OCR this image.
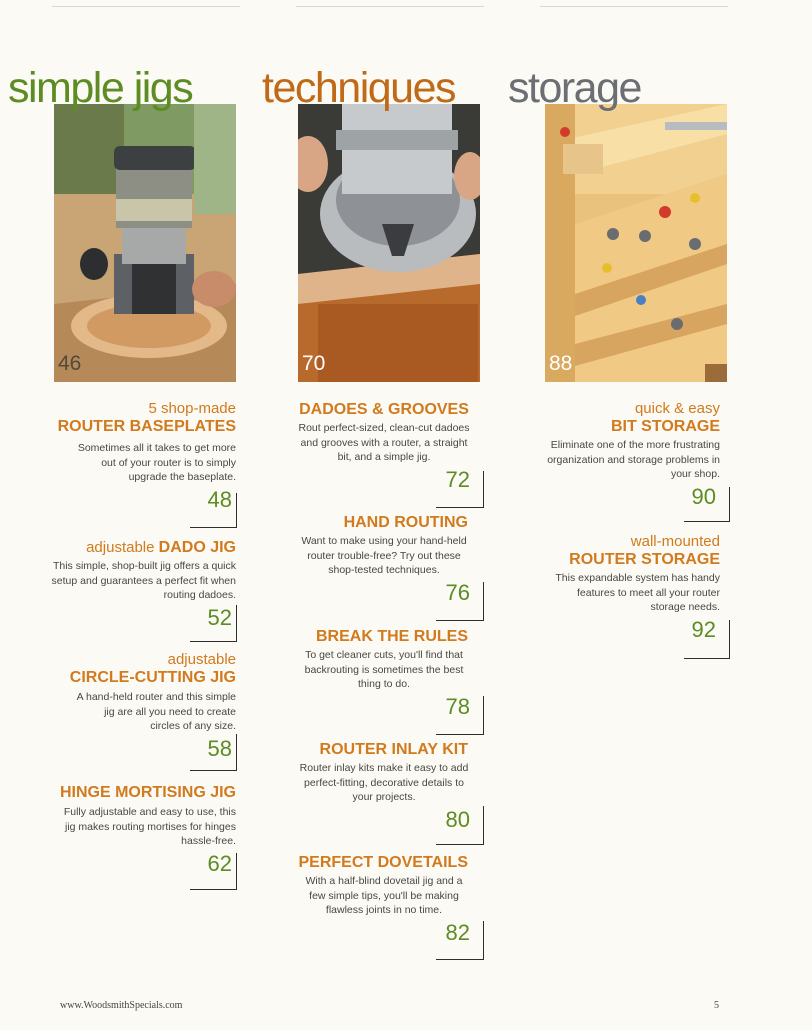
simple jigs
46
5 shop-made
ROUTER BASEPLATES
Sometimes all it takes to get more out of your router is to simply upgrade the baseplate.
48
adjustable DADO JIG
This simple, shop-built jig offers a quick setup and guarantees a perfect fit when routing dadoes.
52
adjustable
CIRCLE-CUTTING JIG
A hand-held router and this simple jig are all you need to create circles of any size.
58
HINGE MORTISING JIG
Fully adjustable and easy to use, this jig makes routing mortises for hinges hassle-free.
62
techniques
70
DADOES & GROOVES
Rout perfect-sized, clean-cut dadoes and grooves with a router, a straight bit, and a simple jig.
72
HAND ROUTING
Want to make using your hand-held router trouble-free? Try out these shop-tested techniques.
76
BREAK THE RULES
To get cleaner cuts, you'll find that backrouting is sometimes the best thing to do.
78
ROUTER INLAY KIT
Router inlay kits make it easy to add perfect-fitting, decorative details to your projects.
80
PERFECT DOVETAILS
With a half-blind dovetail jig and a few simple tips, you'll be making flawless joints in no time.
82
storage
88
quick & easy
BIT STORAGE
Eliminate one of the more frustrating organization and storage problems in your shop.
90
wall-mounted
ROUTER STORAGE
This expandable system has handy features to meet all your router storage needs.
92
www.WoodsmithSpecials.com	5
